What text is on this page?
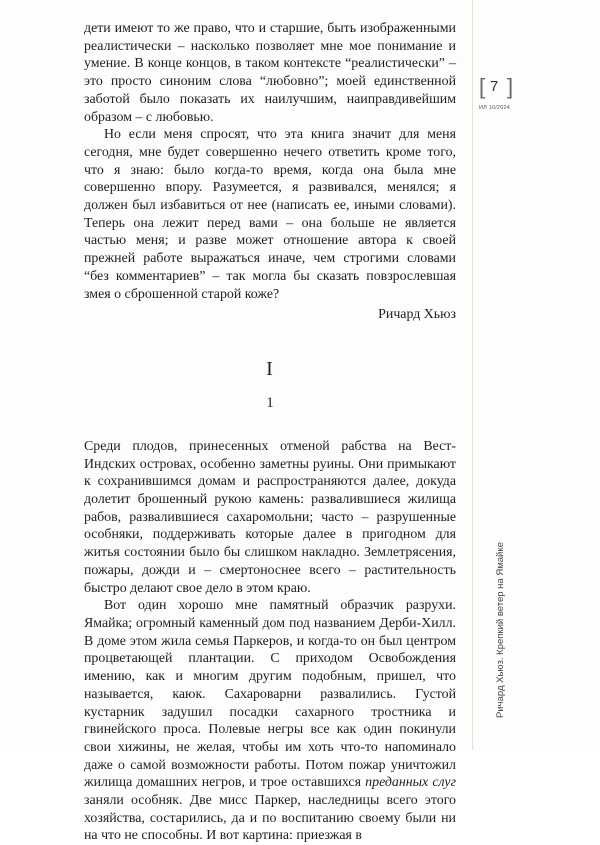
дети имеют то же право, что и старшие, быть изображенными реалистически – насколько позволяет мне мое понимание и умение. В конце концов, в таком контексте “реалистически” – это просто синоним слова “любовно”; моей единственной заботой было показать их наилучшим, наиправдивейшим образом – с любовью.

Но если меня спросят, что эта книга значит для меня сегодня, мне будет совершенно нечего ответить кроме того, что я знаю: было когда-то время, когда она была мне совершенно впору. Разумеется, я развивался, менялся; я должен был избавиться от нее (написать ее, иными словами). Теперь она лежит перед вами – она больше не является частью меня; и разве может отношение автора к своей прежней работе выражаться иначе, чем строгими словами “без комментариев” – так могла бы сказать повзрослевшая змея о сброшенной старой коже?

Ричард Хьюз

I
1

Среди плодов, принесенных отменой рабства на Вест-Индских островах, особенно заметны руины. Они примыкают к сохранившимся домам и распространяются далее, докуда долетит брошенный рукою камень: развалившиеся жилища рабов, развалившиеся сахаромольни; часто – разрушенные особняки, поддерживать которые далее в пригодном для житья состоянии было бы слишком накладно. Землетрясения, пожары, дожди и – смертоноснее всего – растительность быстро делают свое дело в этом краю.

Вот один хорошо мне памятный образчик разрухи. Ямайка; огромный каменный дом под названием Дерби-Хилл. В доме этом жила семья Паркеров, и когда-то он был центром процветающей плантации. С приходом Освобождения имению, как и многим другим подобным, пришел, что называется, каюк. Сахароварни развалились. Густой кустарник задушил посадки сахарного тростника и гвинейского проса. Полевые негры все как один покинули свои хижины, не желая, чтобы им хоть что-то напоминало даже о самой возможности работы. Потом пожар уничтожил жилища домашних негров, и трое оставшихся преданных слуг заняли особняк. Две мисс Паркер, наследницы всего этого хозяйства, состарились, да и по воспитанию своему были ни на что не способны. И вот картина: приезжая в

[ 7 ]
ИЛ 10/2024
Ричард Хьюз. Крепкий ветер на Ямайке
